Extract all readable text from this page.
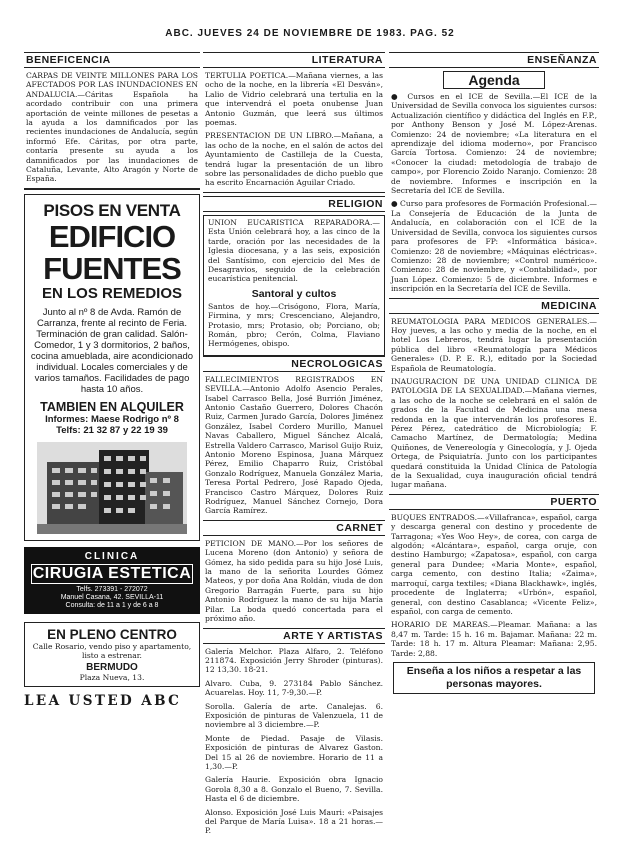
ABC. JUEVES 24 DE NOVIEMBRE DE 1983. PAG. 52
BENEFICENCIA
CARPAS DE VEINTE MILLONES PARA LOS AFECTADOS POR LAS INUNDACIONES EN ANDALUCIA.—Cáritas Española ha acordado contribuir con una primera aportación de veinte millones de pesetas a la ayuda a los damnificados por las recientes inundaciones de Andalucía, según informó Efe. Cáritas, por otra parte, contaría presente su ayuda a los damnificados por las inundaciones de Cataluña, Levante, Alto Aragón y Norte de España.
PISOS EN VENTA
EDIFICIO
FUENTES
EN LOS REMEDIOS
Junto al nº 8 de Avda. Ramón de Carranza, frente al recinto de Feria. Terminación de gran calidad. Salón-Comedor, 1 y 3 dormitorios, 2 baños, cocina amueblada, aire acondicionado individual. Locales comerciales y de varios tamaños. Facilidades de pago hasta 10 años.
TAMBIEN EN ALQUILER
Informes: Maese Rodrigo nº 8
Telfs: 21 32 87 y 22 19 39
CLINICA
CIRUGIA ESTETICA
Telfs. 273391 - 272072
Manuel Casana, 42. SEVILLA-11
Consulta: de 11 a 1 y de 6 a 8
EN PLENO CENTRO
Calle Rosario, vendo piso y apartamento, listo a estrenar.
BERMUDO
Plaza Nueva, 13.
LEA USTED ABC
LITERATURA
TERTULIA POETICA.—Mañana viernes, a las ocho de la noche, en la librería «El Desván», Lalio de Vidrio celebrará una tertulia en la que intervendrá el poeta onubense Juan Antonio Guzmán, que leerá sus últimos poemas.
PRESENTACION DE UN LIBRO.—Mañana, a las ocho de la noche, en el salón de actos del Ayuntamiento de Castilleja de la Cuesta, tendrá lugar la presentación de un libro sobre las personalidades de dicho pueblo que ha escrito Encarnación Aguilar Criado.
RELIGION
UNION EUCARISTICA REPARADORA.—Esta Unión celebrará hoy, a las cinco de la tarde, oración por las necesidades de la Iglesia diocesana, y a las seis, exposición del Santísimo, con ejercicio del Mes de Desagravios, seguido de la celebración eucarística penitencial.
Santoral y cultos
Santos de hoy.—Crisógono, Flora, María, Firmina, y mrs; Crescenciano, Alejandro, Protasio, mrs; Protasio, ob; Porciano, ob; Román, pbro; Cerón, Colma, Flaviano Hermógenes, obispo.
NECROLOGICAS
FALLECIMIENTOS REGISTRADOS EN SEVILLA.—Antonio Adolfo Asencio Perales, Isabel Carrasco Bella, José Burrión Jiménez, Antonio Castaño Guerrero, Dolores Chacón Ruiz, Carmen Jurado García, Dolores Jiménez González, Isabel Cordero Murillo, Manuel Navas Caballero, Miguel Sánchez Alcalá, Estrella Valdero Carrasco, Marisol Guijo Ruiz, Antonio Moreno Espinosa, Juana Márquez Pérez, Emilio Chaparro Ruiz, Cristóbal Gonzalo Rodríguez, Manuela González Maria, Teresa Portal Pedrero, José Rapado Ojeda, Francisco Castro Márquez, Dolores Ruiz Rodríguez, Manuel Sánchez Cornejo, Dora García Ramírez.
CARNET
PETICION DE MANO.—Por los señores de Lucena Moreno (don Antonio) y señora de Gómez, ha sido pedida para su hijo José Luis, la mano de la señorita Lourdes Gómez Mateos, y por doña Ana Roldán, viuda de don Gregorio Barragán Fuerte, para su hijo Antonio Rodríguez la mano de su hija María Pilar. La boda quedó concertada para el próximo año.
ARTE Y ARTISTAS
Galería Melchor. Plaza Alfaro, 2. Teléfono 211874. Exposición Jerry Shroder (pinturas). 12 13,30. 18-21.
Alvaro. Cuba, 9. 273184 Pablo Sánchez. Acuarelas. Hoy. 11, 7-9,30.—P.
Sorolla. Galería de arte. Canalejas. 6. Exposición de pinturas de Valenzuela, 11 de noviembre al 3 diciembre.—P.
Monte de Piedad. Pasaje de Vilasis. Exposición de pinturas de Alvarez Gaston. Del 15 al 26 de noviembre. Horario de 11 a 1,30.—P.
Galería Haurie. Exposición obra Ignacio Gorola 8,30 a 8. Gonzalo el Bueno, 7. Sevilla. Hasta el 6 de diciembre.
Alonso. Exposición José Luis Mauri: «Paisajes del Parque de María Luisa». 18 a 21 horas.—P.
ENSEÑANZA
Agenda
● Cursos en el ICE de Sevilla.—El ICE de la Universidad de Sevilla convoca los siguientes cursos: Actualización científico y didáctica del Inglés en F.P., por Anthony Benson y José M. López-Arenas. Comienzo: 24 de noviembre; «La literatura en el aprendizaje del idioma moderno», por Francisco García Tortosa. Comienzo: 24 de noviembre; «Conocer la ciudad: metodología de trabajo de campo», por Florencio Zoido Naranjo. Comienzo: 28 de noviembre. Informes e inscripción en la Secretaría del ICE de Sevilla.
● Curso para profesores de Formación Profesional.—La Consejería de Educación de la Junta de Andalucía, en colaboración con el ICE de la Universidad de Sevilla, convoca los siguientes cursos para profesores de FP: «Informática básica». Comienzo: 28 de noviembre; «Máquinas eléctricas». Comienzo: 28 de noviembre; «Control numérico». Comienzo: 28 de noviembre, y «Contabilidad», por Juan López. Comienzo: 5 de diciembre. Informes e inscripción en la Secretaría del ICE de Sevilla.
MEDICINA
REUMATOLOGIA PARA MEDICOS GENERALES.—Hoy jueves, a las ocho y media de la noche, en el hotel Los Lebreros, tendrá lugar la presentación pública del libro «Reumatología para Médicos Generales» (D. P. E. R.), editado por la Sociedad Española de Reumatología.
INAUGURACION DE UNA UNIDAD CLINICA DE PATOLOGIA DE LA SEXUALIDAD.—Mañana viernes, a las ocho de la noche se celebrará en el salón de grados de la Facultad de Medicina una mesa redonda en la que intervendrán los profesores E. Pérez Pérez, catedrático de Microbiología; F. Camacho Martínez, de Dermatología; Medina Quiñones, de Venereología y Ginecología, y J. Ojeda Ortega, de Psiquiatría. Junto con los participantes quedará constituida la Unidad Clínica de Patología de la Sexualidad, cuya inauguración oficial tendrá lugar mañana.
PUERTO
BUQUES ENTRADOS.—«Villafranca», español, carga y descarga general con destino y procedente de Tarragona; «Yes Woo Hey», de corea, con carga de algodón; «Alcántara», español, carga oruje, con destino Hamburgo; «Zapatosa», español, con carga general para Dundee; «Maria Monte», español, carga cemento, con destino Italia; «Zaima», marroquí, carga textiles; «Diana Blackhawk», inglés, procedente de Inglaterra; «Urbón», español, general, con destino Casablanca; «Vicente Feliz», español, con carga de cemento.
HORARIO DE MAREAS.—Pleamar. Mañana: a las 8,47 m. Tarde: 15 h. 16 m. Bajamar. Mañana: 22 m. Tarde: 18 h. 17 m. Altura Pleamar: Mañana: 2,95. Tarde: 2,88.
Enseña a los niños a respetar a las personas mayores.
